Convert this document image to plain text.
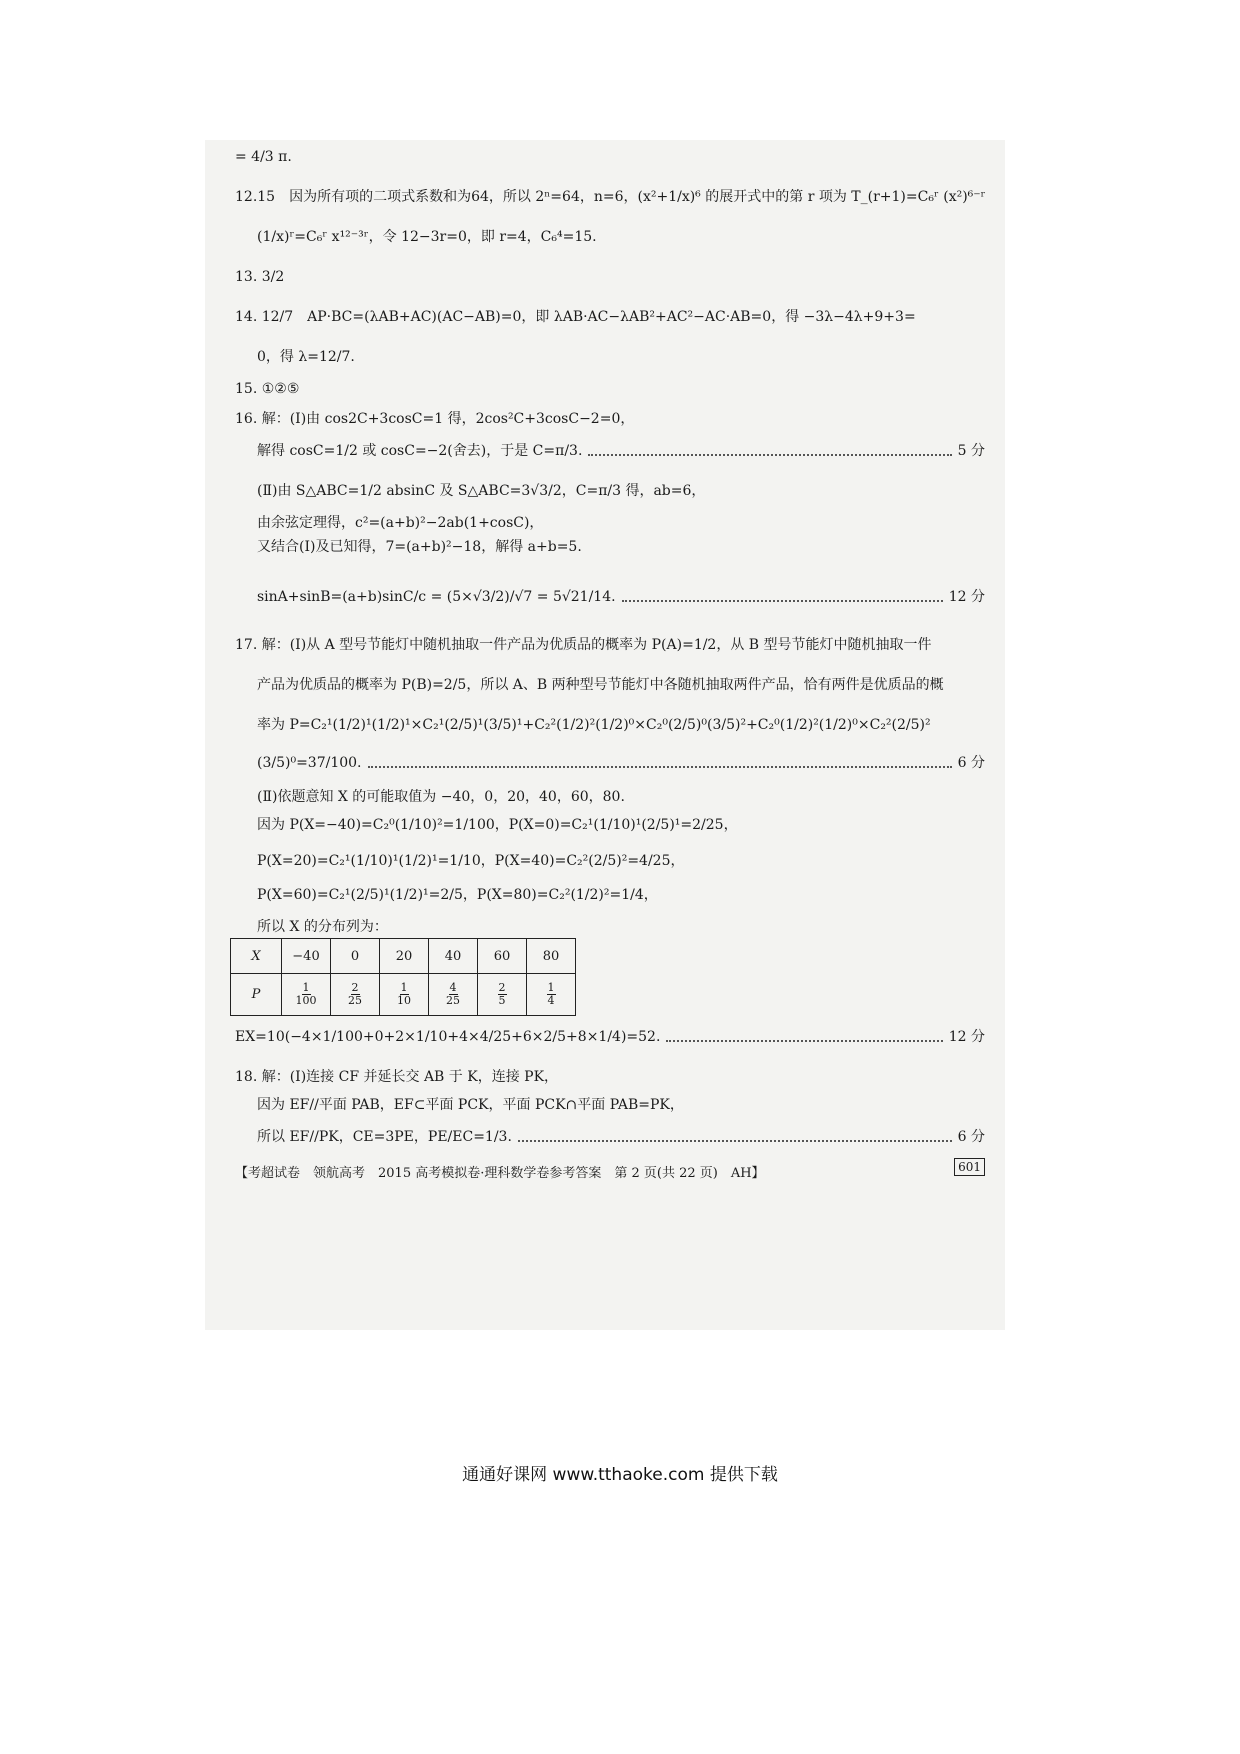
= 4/3 π.
12.15　因为所有项的二项式系数和为64，所以 2ⁿ=64，n=6，(x²+1/x)⁶ 的展开式中的第 r 项为 T_(r+1)=C₆ʳ (x²)⁶⁻ʳ
(1/x)ʳ=C₆ʳ x¹²⁻³ʳ，令 12−3r=0，即 r=4，C₆⁴=15.
13. 3/2
14. 12/7　AP·BC=(λAB+AC)(AC−AB)=0，即 λAB·AC−λAB²+AC²−AC·AB=0，得 −3λ−4λ+9+3=
0，得 λ=12/7.
15. ①②⑤
16. 解：(Ⅰ)由 cos2C+3cosC=1 得，2cos²C+3cosC−2=0，
解得 cosC=1/2 或 cosC=−2(舍去)，于是 C=π/3.	5 分
(Ⅱ)由 S△ABC=1/2 absinC 及 S△ABC=3√3/2，C=π/3 得，ab=6，
由余弦定理得，c²=(a+b)²−2ab(1+cosC)，
又结合(Ⅰ)及已知得，7=(a+b)²−18，解得 a+b=5.
sinA+sinB=(a+b)sinC/c = (5×√3/2)/√7 = 5√21/14.	12 分
17. 解：(Ⅰ)从 A 型号节能灯中随机抽取一件产品为优质品的概率为 P(A)=1/2，从 B 型号节能灯中随机抽取一件
产品为优质品的概率为 P(B)=2/5，所以 A、B 两种型号节能灯中各随机抽取两件产品，恰有两件是优质品的概
率为 P=C₂¹(1/2)¹(1/2)¹×C₂¹(2/5)¹(3/5)¹+C₂²(1/2)²(1/2)⁰×C₂⁰(2/5)⁰(3/5)²+C₂⁰(1/2)²(1/2)⁰×C₂²(2/5)²
(3/5)⁰=37/100.	6 分
(Ⅱ)依题意知 X 的可能取值为 −40，0，20，40，60，80.
因为 P(X=−40)=C₂⁰(1/10)²=1/100，P(X=0)=C₂¹(1/10)¹(2/5)¹=2/25，
P(X=20)=C₂¹(1/10)¹(1/2)¹=1/10，P(X=40)=C₂²(2/5)²=4/25，
P(X=60)=C₂¹(2/5)¹(1/2)¹=2/5，P(X=80)=C₂²(1/2)²=1/4，
所以 X 的分布列为：
X	−40	0	20	40	60	80
P	$\frac{1}{100}$	$\frac{2}{25}$	$\frac{1}{10}$	$\frac{4}{25}$	$\frac{2}{5}$	$\frac{1}{4}$
EX=10(−4×1/100+0+2×1/10+4×4/25+6×2/5+8×1/4)=52.	12 分
18. 解：(Ⅰ)连接 CF 并延长交 AB 于 K，连接 PK，
因为 EF//平面 PAB，EF⊂平面 PCK，平面 PCK∩平面 PAB=PK，
所以 EF//PK，CE=3PE，PE/EC=1/3.	6 分
【考超试卷　领航高考　2015 高考模拟卷·理科数学卷参考答案　第 2 页(共 22 页)　AH】	601
通通好课网 www.tthaoke.com 提供下载
